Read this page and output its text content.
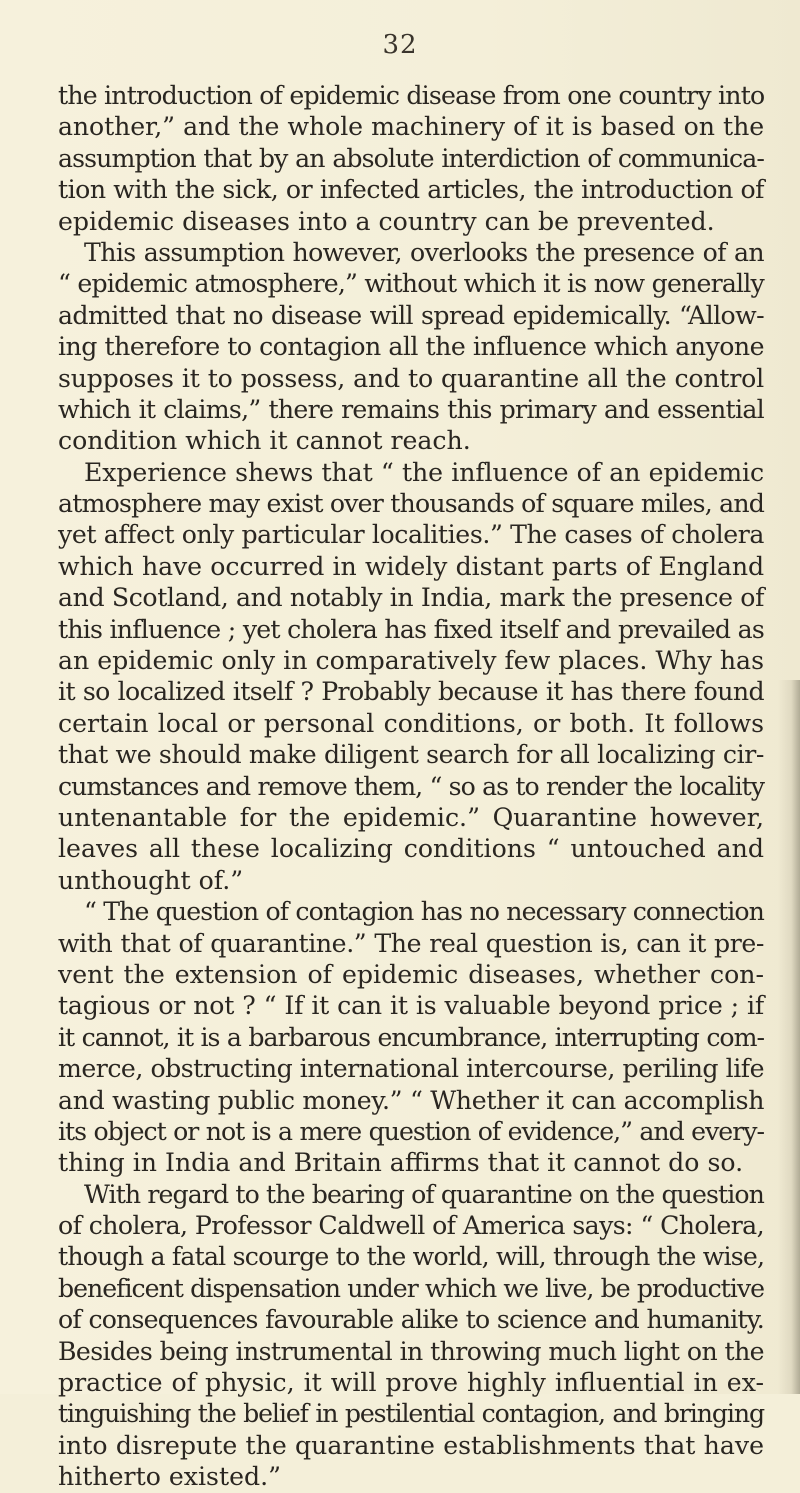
32
the introduction of epidemic disease from one country into
another,” and the whole machinery of it is based on the
assumption that by an absolute interdiction of communica-
tion with the sick, or infected articles, the introduction of
epidemic diseases into a country can be prevented.
This assumption however, overlooks the presence of an
“ epidemic atmosphere,” without which it is now generally
admitted that no disease will spread epidemically. “Allow-
ing therefore to contagion all the influence which anyone
supposes it to possess, and to quarantine all the control
which it claims,” there remains this primary and essential
condition which it cannot reach.
Experience shews that “ the influence of an epidemic
atmosphere may exist over thousands of square miles, and
yet affect only particular localities.” The cases of cholera
which have occurred in widely distant parts of England
and Scotland, and notably in India, mark the presence of
this influence ; yet cholera has fixed itself and prevailed as
an epidemic only in comparatively few places. Why has
it so localized itself ? Probably because it has there found
certain local or personal conditions, or both. It follows
that we should make diligent search for all localizing cir-
cumstances and remove them, “ so as to render the locality
untenantable for the epidemic.” Quarantine however,
leaves all these localizing conditions “ untouched and
unthought of.”
“ The question of contagion has no necessary connection
with that of quarantine.” The real question is, can it pre-
vent the extension of epidemic diseases, whether con-
tagious or not ? “ If it can it is valuable beyond price ; if
it cannot, it is a barbarous encumbrance, interrupting com-
merce, obstructing international intercourse, periling life
and wasting public money.” “ Whether it can accomplish
its object or not is a mere question of evidence,” and every-
thing in India and Britain affirms that it cannot do so.
With regard to the bearing of quarantine on the question
of cholera, Professor Caldwell of America says: “ Cholera,
though a fatal scourge to the world, will, through the wise,
beneficent dispensation under which we live, be productive
of consequences favourable alike to science and humanity.
Besides being instrumental in throwing much light on the
practice of physic, it will prove highly influential in ex-
tinguishing the belief in pestilential contagion, and bringing
into disrepute the quarantine establishments that have
hitherto existed.”
